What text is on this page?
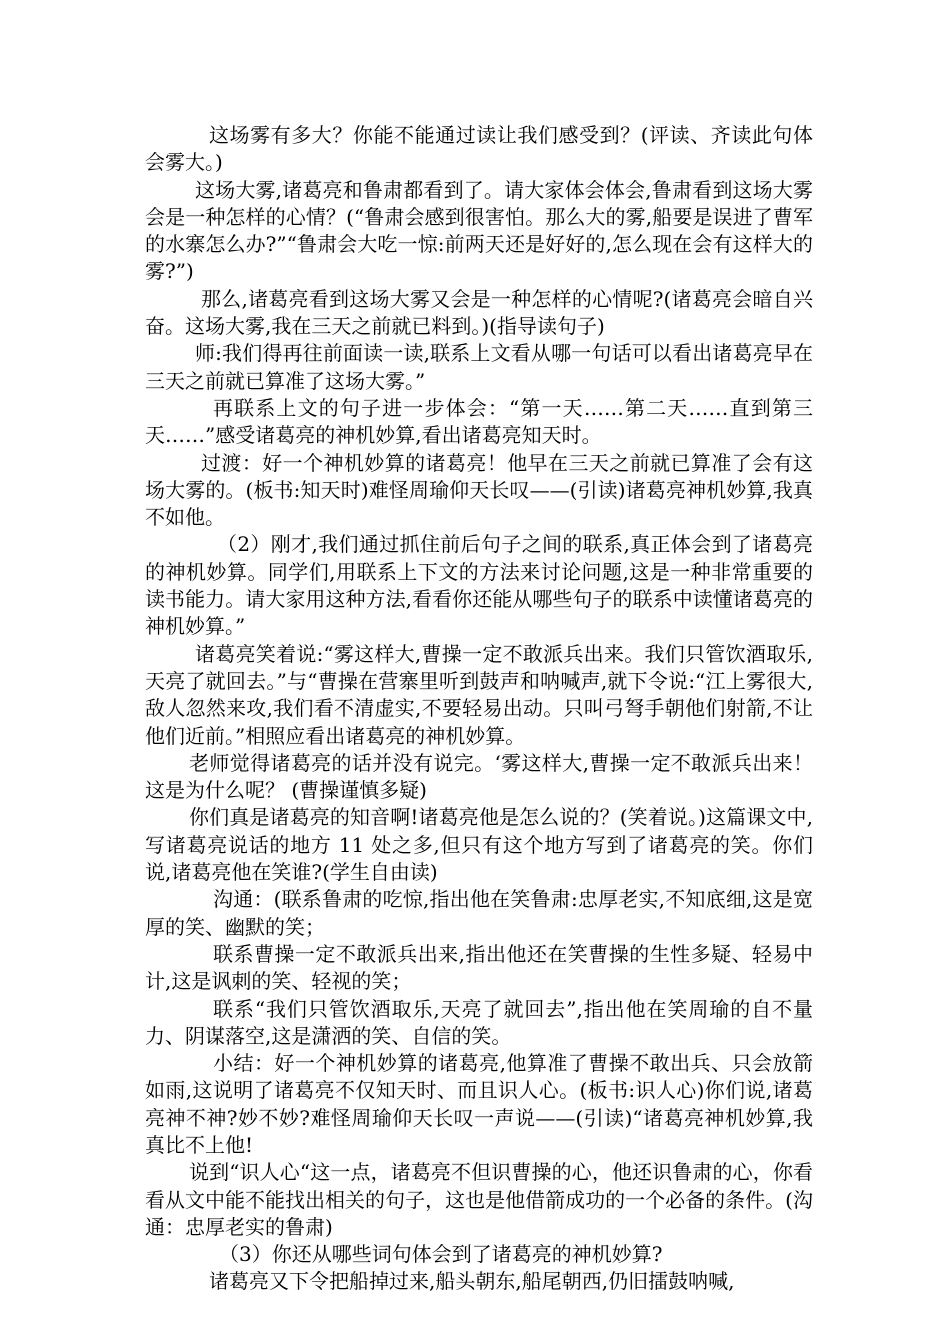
这场雾有多大？你能不能通过读让我们感受到？(评读、齐读此句体会雾大。)

这场大雾,诸葛亮和鲁肃都看到了。请大家体会体会,鲁肃看到这场大雾会是一种怎样的心情？(“鲁肃会感到很害怕。那么大的雾,船要是误进了曹军的水寨怎么办?”“鲁肃会大吃一惊:前两天还是好好的,怎么现在会有这样大的雾?”)

那么,诸葛亮看到这场大雾又会是一种怎样的心情呢?(诸葛亮会暗自兴奋。这场大雾,我在三天之前就已料到。)(指导读句子)

师:我们得再往前面读一读,联系上文看从哪一句话可以看出诸葛亮早在三天之前就已算准了这场大雾。”

再联系上文的句子进一步体会：“第一天……第二天……直到第三天……”感受诸葛亮的神机妙算,看出诸葛亮知天时。

过渡：好一个神机妙算的诸葛亮！他早在三天之前就已算准了会有这场大雾的。(板书:知天时)难怪周瑜仰天长叹——(引读)诸葛亮神机妙算,我真不如他。

（2）刚才,我们通过抓住前后句子之间的联系,真正体会到了诸葛亮的神机妙算。同学们,用联系上下文的方法来讨论问题,这是一种非常重要的读书能力。请大家用这种方法,看看你还能从哪些句子的联系中读懂诸葛亮的神机妙算。”

诸葛亮笑着说:“雾这样大,曹操一定不敢派兵出来。我们只管饮酒取乐,天亮了就回去。”与“曹操在营寨里听到鼓声和呐喊声,就下令说:“江上雾很大,敌人忽然来攻,我们看不清虚实,不要轻易出动。只叫弓弩手朝他们射箭,不让他们近前。”相照应看出诸葛亮的神机妙算。

老师觉得诸葛亮的话并没有说完。‘雾这样大,曹操一定不敢派兵出来！这是为什么呢？ (曹操谨慎多疑)

你们真是诸葛亮的知音啊!诸葛亮他是怎么说的？(笑着说。)这篇课文中,写诸葛亮说话的地方 11 处之多,但只有这个地方写到了诸葛亮的笑。你们说,诸葛亮他在笑谁?(学生自由读)

沟通：(联系鲁肃的吃惊,指出他在笑鲁肃:忠厚老实,不知底细,这是宽厚的笑、幽默的笑；

联系曹操一定不敢派兵出来,指出他还在笑曹操的生性多疑、轻易中计,这是讽刺的笑、轻视的笑；

联系“我们只管饮酒取乐,天亮了就回去”,指出他在笑周瑜的自不量力、阴谋落空,这是潇洒的笑、自信的笑。

小结：好一个神机妙算的诸葛亮,他算准了曹操不敢出兵、只会放箭如雨,这说明了诸葛亮不仅知天时、而且识人心。(板书:识人心)你们说,诸葛亮神不神?妙不妙?难怪周瑜仰天长叹一声说——(引读)“诸葛亮神机妙算,我真比不上他!

说到“识人心“这一点，诸葛亮不但识曹操的心，他还识鲁肃的心，你看看从文中能不能找出相关的句子，这也是他借箭成功的一个必备的条件。(沟通：忠厚老实的鲁肃)

（3）你还从哪些词句体会到了诸葛亮的神机妙算?

诸葛亮又下令把船掉过来,船头朝东,船尾朝西,仍旧擂鼓呐喊,
